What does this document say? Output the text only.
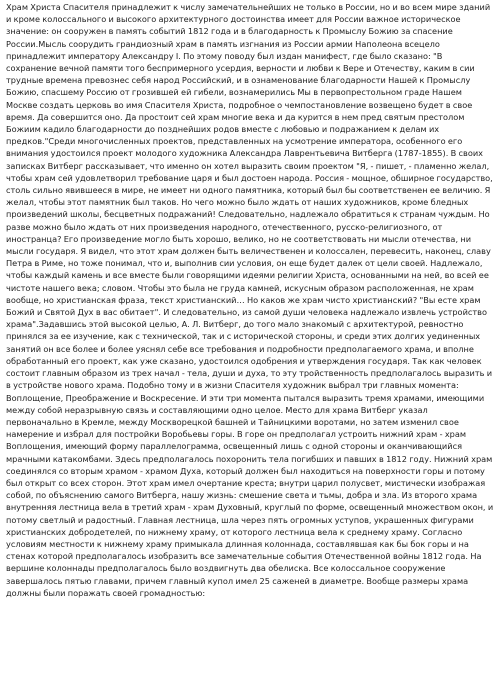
Храм Христа Спасителя принадлежит к числу замечательнейших не только в России, но и во всем мире зданий и кроме колоссального и высокого архитектурного достоинства имеет для России важное историческое значение: он сооружен в память событий 1812 года и в благодарность к Промыслу Божию за спасение России.Мысль соорудить грандиозный храм в память изгнания из России армии Наполеона всецело принадлежит императору Александру I. По этому поводу был издан манифест, где было сказано: "В сохранение вечной памяти того беспримерного усердия, верности и любви к Вере и Отечеству, каким в сии трудные времена превознес себя народ Российский, и в ознаменование благодарности Нашей к Промыслу Божию, спасшему Россию от грозившей ей гибели, вознамерились Мы в первопрестольном граде Нашем Москве создать церковь во имя Спасителя Христа, подробное о чемпостановление возвещено будет в свое время. Да совершится оно. Да простоит сей храм многие века и да курится в нем пред святым престолом Божиим кадило благодарности до позднейших родов вместе с любовью и подражанием к делам их предков."Среди многочисленных проектов, представленных на усмотрение императора, особенного его внимания удостоился проект молодого художника Александра Лаврентьевича Витберга (1787-1855). В своих записках Витберг рассказывает, что именно он хотел выразить своим проектом "Я, - пишет, - пламенно желал, чтобы храм сей удовлетворил требование царя и был достоен народа. Россия - мощное, обширное государство, столь сильно явившееся в мире, не имеет ни одного памятника, который был бы соответственен ее величию. Я желал, чтобы этот памятник был таков. Но чего можно было ждать от наших художников, кроме бледных произведений школы, бесцветных подражаний! Следовательно, надлежало обратиться к странам чуждым. Но разве можно было ждать от них произведения народного, отечественного, русско-религиозного, от иностранца? Его произведение могло быть хорошо, велико, но не соответствовать ни мысли отечества, ни мысли государя. Я видел, что этот храм должен быть величественен и колоссален, перевесить, наконец, славу Петра в Риме, но тоже понимал, что и, выполнив сии условия, он еще будет далек от цели своей. Надлежало, чтобы каждый камень и все вместе были говорящими идеями религии Христа, основанными на ней, во всей ее чистоте нашего века; словом. Чтобы это была не груда камней, искусным образом расположенная, не храм вообще, но христианская фраза, текст христианский… Но каков же храм чисто христианский? "Вы есте храм Божий и Святой Дух в вас обитает". И следовательно, из самой души человека надлежало извлечь устройство храма".Задавшись этой высокой целью, А. Л. Витберг, до того мало знакомый с архитектурой, ревностно принялся за ее изучение, как с технической, так и с исторической стороны, и среди этих долгих уединенных занятий он все более и более уяснял себе все требования и подробности предполагаемого храма, и вполне обработанный его проект, как уже сказано, удостоился одобрения и утверждения государя. Так как человек состоит главным образом из трех начал - тела, души и духа, то эту тройственность предполагалось выразить и в устройстве нового храма. Подобно тому и в жизни Спасителя художник выбрал три главных момента: Воплощение, Преображение и Воскресение. И эти три момента пытался выразить тремя храмами, имеющими между собой неразрывную связь и составляющими одно целое. Место для храма Витберг указал первоначально в Кремле, между Москворецкой башней и Тайницкими воротами, но затем изменил свое намерение и избрал для постройки Воробьевы горы. В горе он предполагал устроить нижний храм - храм Воплощения, имеющий форму параллелограмма, освещенный лишь с одной стороны и оканчивающийся мрачными катакомбами. Здесь предполагалось похоронить тела погибших и павших в 1812 году. Нижний храм соединялся со вторым храмом - храмом Духа, который должен был находиться на поверхности горы и потому был открыт со всех сторон. Этот храм имел очертание креста; внутри царил полусвет, мистически изображая собой, по объяснению самого Витберга, нашу жизнь: смешение света и тьмы, добра и зла. Из второго храма внутренняя лестница вела в третий храм - храм Духовный, круглый по форме, освещенный множеством окон, и потому светлый и радостный. Главная лестница, шла через пять огромных уступов, украшенных фигурами христианских добродетелей, по нижнему храму, от которого лестница вела к среднему храму. Согласно условиям местности к нижнему храму примыкала длинная колоннада, составлявшая как бы бок горы и на стенах которой предполагалось изобразить все замечательные события Отечественной войны 1812 года. На вершине колоннады предполагалось было воздвигнуть два обелиска. Все колоссальное сооружение завершалось пятью главами, причем главный купол имел 25 саженей в диаметре. Вообще размеры храма должны были поражать своей громадностью:
